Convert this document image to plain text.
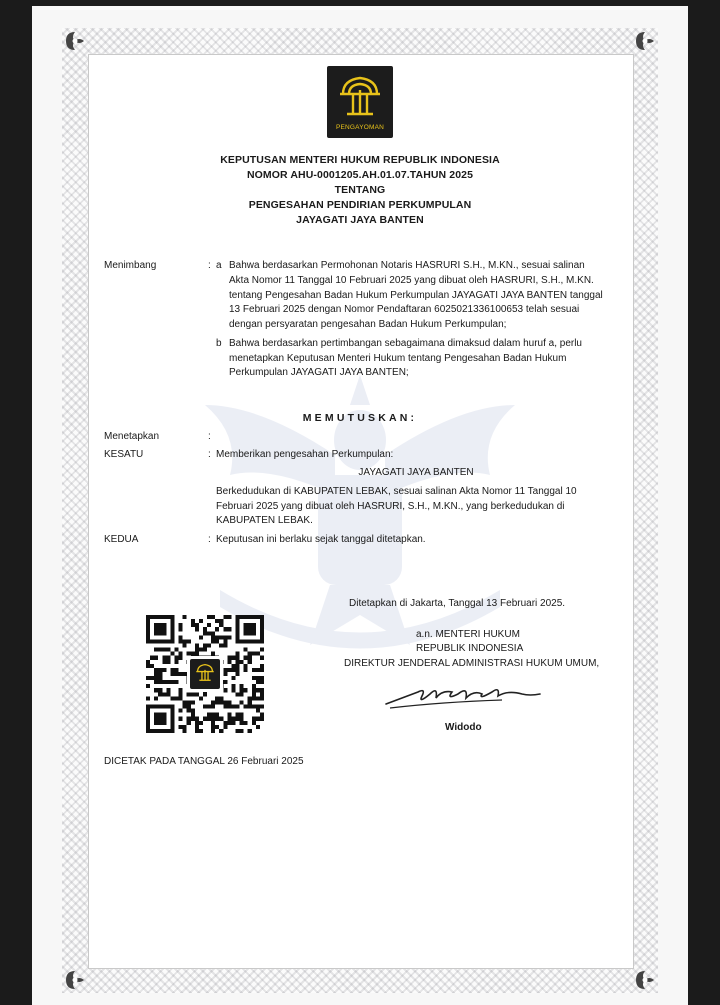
PENGAYOMAN
KEPUTUSAN MENTERI HUKUM REPUBLIK INDONESIA
NOMOR AHU-0001205.AH.01.07.TAHUN 2025
TENTANG
PENGESAHAN PENDIRIAN PERKUMPULAN
JAYAGATI JAYA BANTEN
Menimbang	: a Bahwa berdasarkan Permohonan Notaris HASRURI S.H., M.KN., sesuai salinan
Akta Nomor 11 Tanggal 10 Februari 2025 yang dibuat oleh HASRURI, S.H., M.KN.
tentang Pengesahan Badan Hukum Perkumpulan JAYAGATI JAYA BANTEN tanggal
13 Februari 2025 dengan Nomor Pendaftaran 6025021336100653 telah sesuai
dengan persyaratan pengesahan Badan Hukum Perkumpulan;
b Bahwa berdasarkan pertimbangan sebagaimana dimaksud dalam huruf a, perlu
menetapkan Keputusan Menteri Hukum tentang Pengesahan Badan Hukum
Perkumpulan JAYAGATI JAYA BANTEN;
MEMUTUSKAN:
Menetapkan	:
KESATU	: Memberikan pengesahan Perkumpulan:
JAYAGATI JAYA BANTEN
Berkedudukan di KABUPATEN LEBAK, sesuai salinan Akta Nomor 11 Tanggal 10
Februari 2025 yang dibuat oleh HASRURI, S.H., M.KN., yang berkedudukan di
KABUPATEN LEBAK.
KEDUA	: Keputusan ini berlaku sejak tanggal ditetapkan.
Ditetapkan di Jakarta, Tanggal 13 Februari 2025.
a.n. MENTERI HUKUM
REPUBLIK INDONESIA
DIREKTUR JENDERAL ADMINISTRASI HUKUM UMUM,
Widodo
DICETAK PADA TANGGAL 26 Februari 2025
